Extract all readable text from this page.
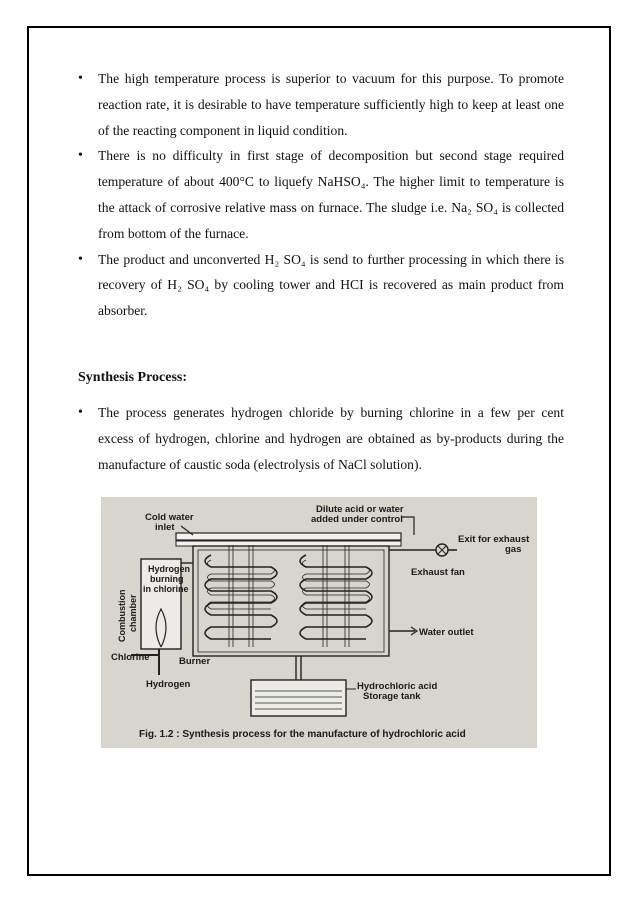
• The high temperature process is superior to vacuum for this purpose. To promote reaction rate, it is desirable to have temperature sufficiently high to keep at least one of the reacting component in liquid condition.
• There is no difficulty in first stage of decomposition but second stage required temperature of about 400°C to liquefy NaHSO₄. The higher limit to temperature is the attack of corrosive relative mass on furnace. The sludge i.e. Na₂ SO₄ is collected from bottom of the furnace.
• The product and unconverted H₂ SO₄ is send to further processing in which there is recovery of H₂ SO₄ by cooling tower and HCI is recovered as main product from absorber.
Synthesis Process:
• The process generates hydrogen chloride by burning chlorine in a few per cent excess of hydrogen, chlorine and hydrogen are obtained as by-products during the manufacture of caustic soda (electrolysis of NaCl solution).
Cold water
inlet
Dilute acid or water
added under control
Exit for exhaust
gas
Exhaust fan
Hydrogen
burning
in chlorine
Combustion chamber
Water outlet
Chlorine	Burner
Hydrogen	Hydrochloric acid
Storage tank
Fig. 1.2 : Synthesis process for the manufacture of hydrochloric acid
